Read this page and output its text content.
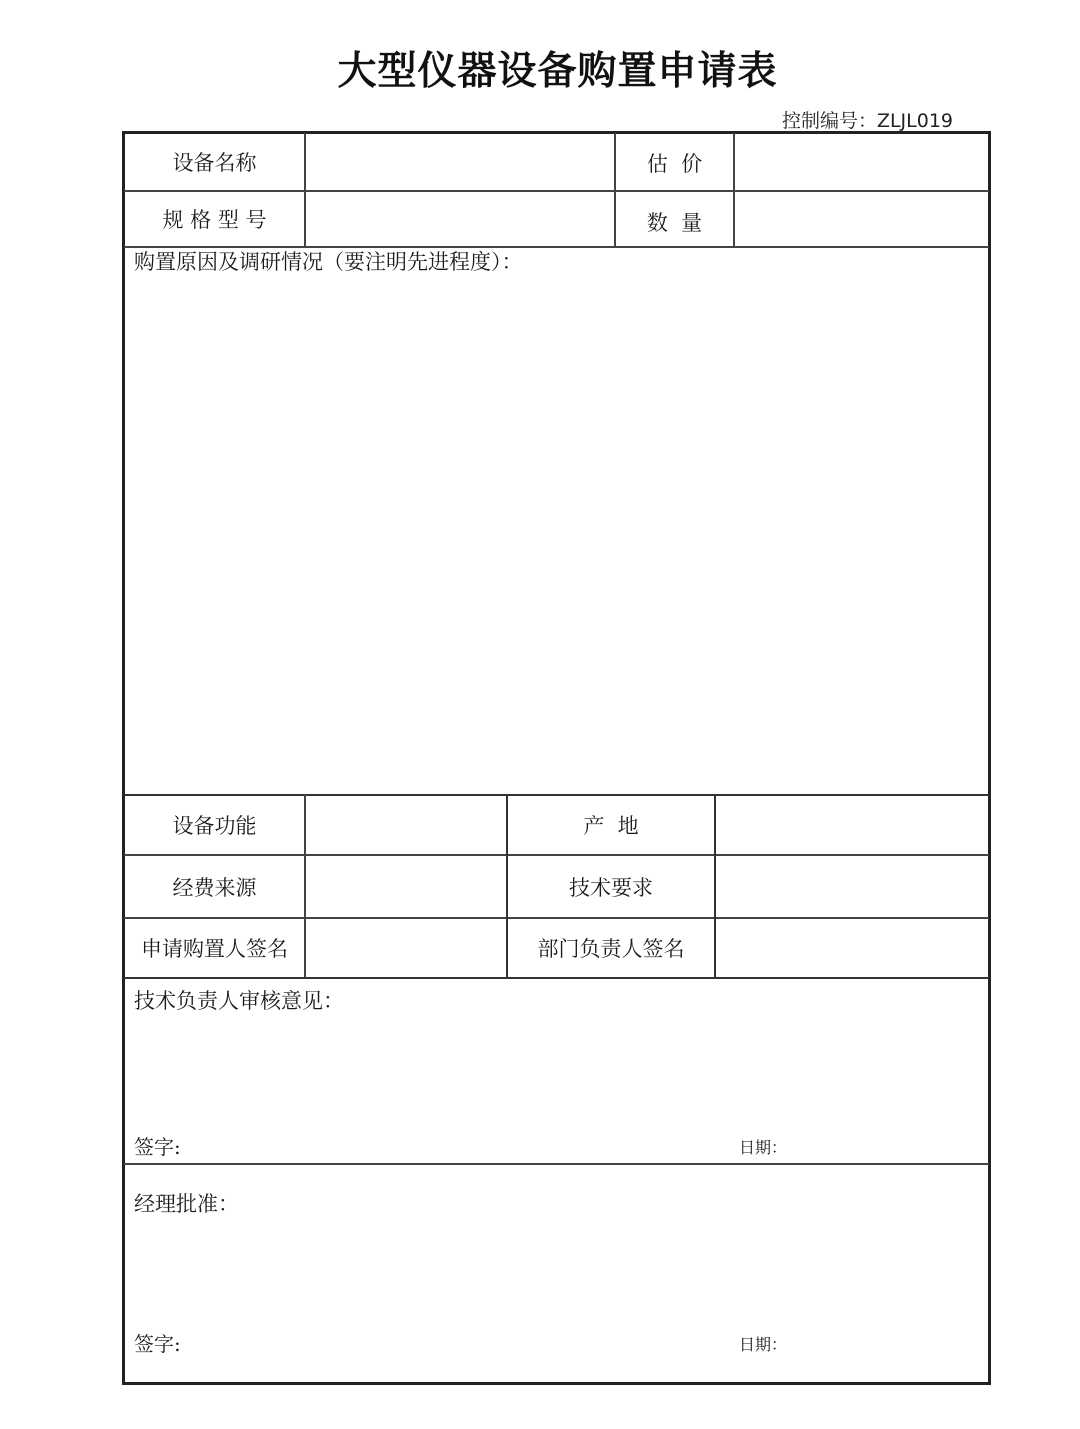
大型仪器设备购置申请表
控制编号：ZLJL019
设备名称	估  价
规 格 型 号	数  量
购置原因及调研情况（要注明先进程度）：
设备功能	产  地
经费来源	技术要求
申请购置人签名	部门负责人签名
技术负责人审核意见：
签字:	日期：
经理批准：
签字:	日期：
